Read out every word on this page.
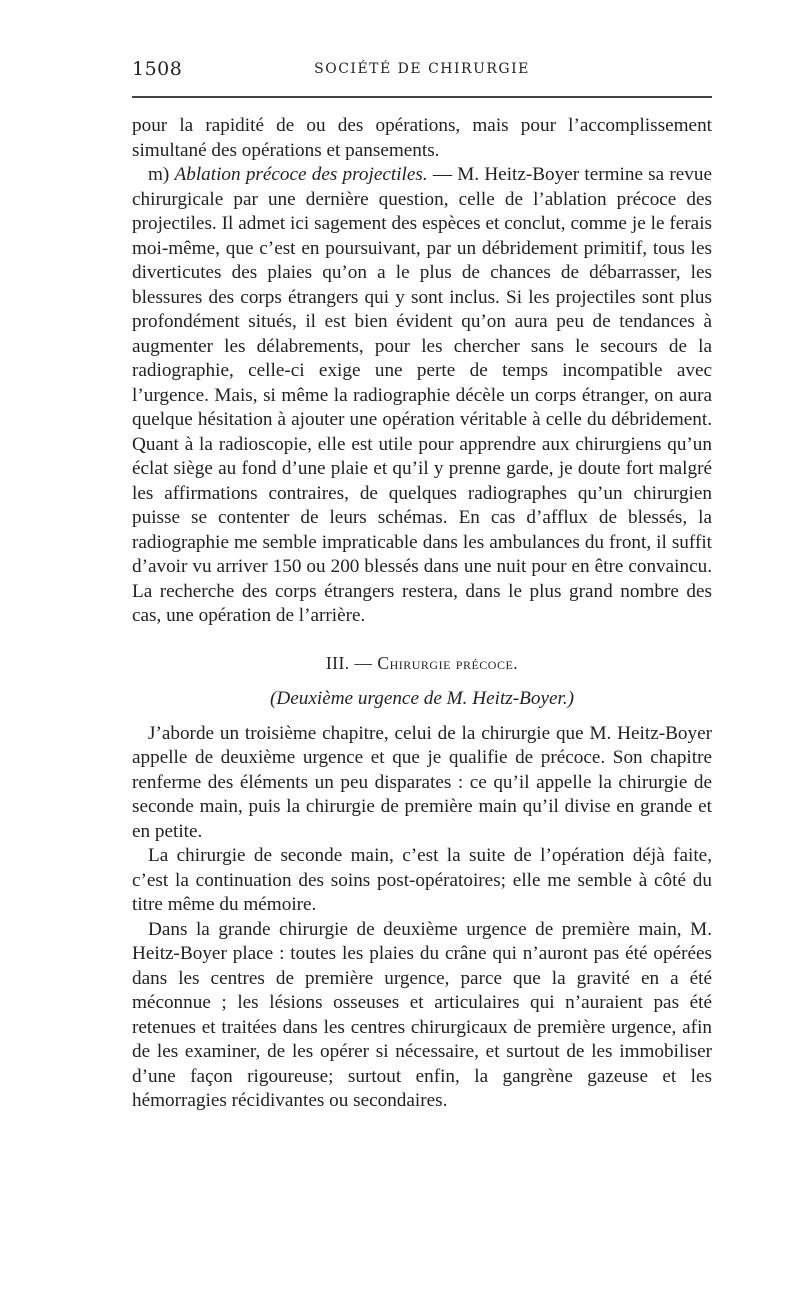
1508	SOCIÉTÉ DE CHIRURGIE

pour la rapidité de ou des opérations, mais pour l’accomplissement simultané des opérations et pansements.

m) Ablation précoce des projectiles. — M. Heitz-Boyer termine sa revue chirurgicale par une dernière question, celle de l’ablation précoce des projectiles. Il admet ici sagement des espèces et conclut, comme je le ferais moi-même, que c’est en poursuivant, par un débridement primitif, tous les diverticutes des plaies qu’on a le plus de chances de débarrasser, les blessures des corps étrangers qui y sont inclus. Si les projectiles sont plus profondément situés, il est bien évident qu’on aura peu de tendances à augmenter les délabrements, pour les chercher sans le secours de la radiographie, celle-ci exige une perte de temps incompatible avec l’urgence. Mais, si même la radiographie décèle un corps étranger, on aura quelque hésitation à ajouter une opération véritable à celle du débridement. Quant à la radioscopie, elle est utile pour apprendre aux chirurgiens qu’un éclat siège au fond d’une plaie et qu’il y prenne garde, je doute fort malgré les affirmations contraires, de quelques radiographes qu’un chirurgien puisse se contenter de leurs schémas. En cas d’afflux de blessés, la radiographie me semble impraticable dans les ambulances du front, il suffit d’avoir vu arriver 150 ou 200 blessés dans une nuit pour en être convaincu. La recherche des corps étrangers restera, dans le plus grand nombre des cas, une opération de l’arrière.

III. — Chirurgie précoce.

(Deuxième urgence de M. Heitz-Boyer.)

J’aborde un troisième chapitre, celui de la chirurgie que M. Heitz-Boyer appelle de deuxième urgence et que je qualifie de précoce. Son chapitre renferme des éléments un peu disparates : ce qu’il appelle la chirurgie de seconde main, puis la chirurgie de première main qu’il divise en grande et en petite.

La chirurgie de seconde main, c’est la suite de l’opération déjà faite, c’est la continuation des soins post-opératoires; elle me semble à côté du titre même du mémoire.

Dans la grande chirurgie de deuxième urgence de première main, M. Heitz-Boyer place : toutes les plaies du crâne qui n’auront pas été opérées dans les centres de première urgence, parce que la gravité en a été méconnue ; les lésions osseuses et articulaires qui n’auraient pas été retenues et traitées dans les centres chirurgicaux de première urgence, afin de les examiner, de les opérer si nécessaire, et surtout de les immobiliser d’une façon rigoureuse; surtout enfin, la gangrène gazeuse et les hémorragies récidivantes ou secondaires.
